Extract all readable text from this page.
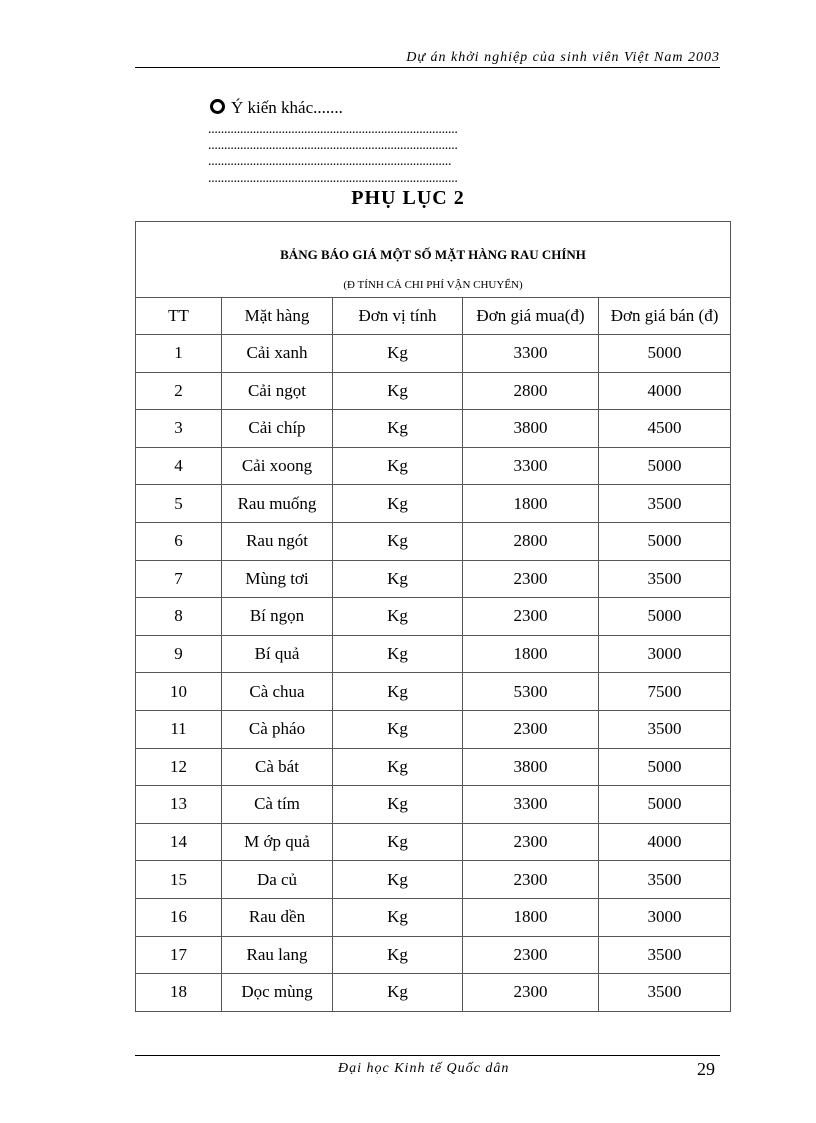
Dự án khởi nghiệp của sinh viên Việt Nam 2003
Ý kiến khác.......
..............................................................................
..............................................................................
............................................................................
..............................................................................
PHỤ LỤC 2
BẢNG BÁO GIÁ MỘT SỐ MẶT HÀNG RAU CHÍNH
(Đ TÍNH CẢ CHI PHÍ VẬN CHUYỂN)				

TT	Mặt hàng	Đơn vị tính	Đơn giá mua(đ)	Đơn giá bán (đ)
1	Cải xanh	Kg	3300	5000
2	Cải ngọt	Kg	2800	4000
3	Cải chíp	Kg	3800	4500
4	Cải xoong	Kg	3300	5000
5	Rau muống	Kg	1800	3500
6	Rau ngót	Kg	2800	5000
7	Mùng tơi	Kg	2300	3500
8	Bí ngọn	Kg	2300	5000
9	Bí quả	Kg	1800	3000
10	Cà chua	Kg	5300	7500
11	Cà pháo	Kg	2300	3500
12	Cà bát	Kg	3800	5000
13	Cà tím	Kg	3300	5000
14	M ớp quả	Kg	2300	4000
15	Da củ	Kg	2300	3500
16	Rau dền	Kg	1800	3000
17	Rau lang	Kg	2300	3500
18	Dọc mùng	Kg	2300	3500
Đại học Kinh tế Quốc dân	29
